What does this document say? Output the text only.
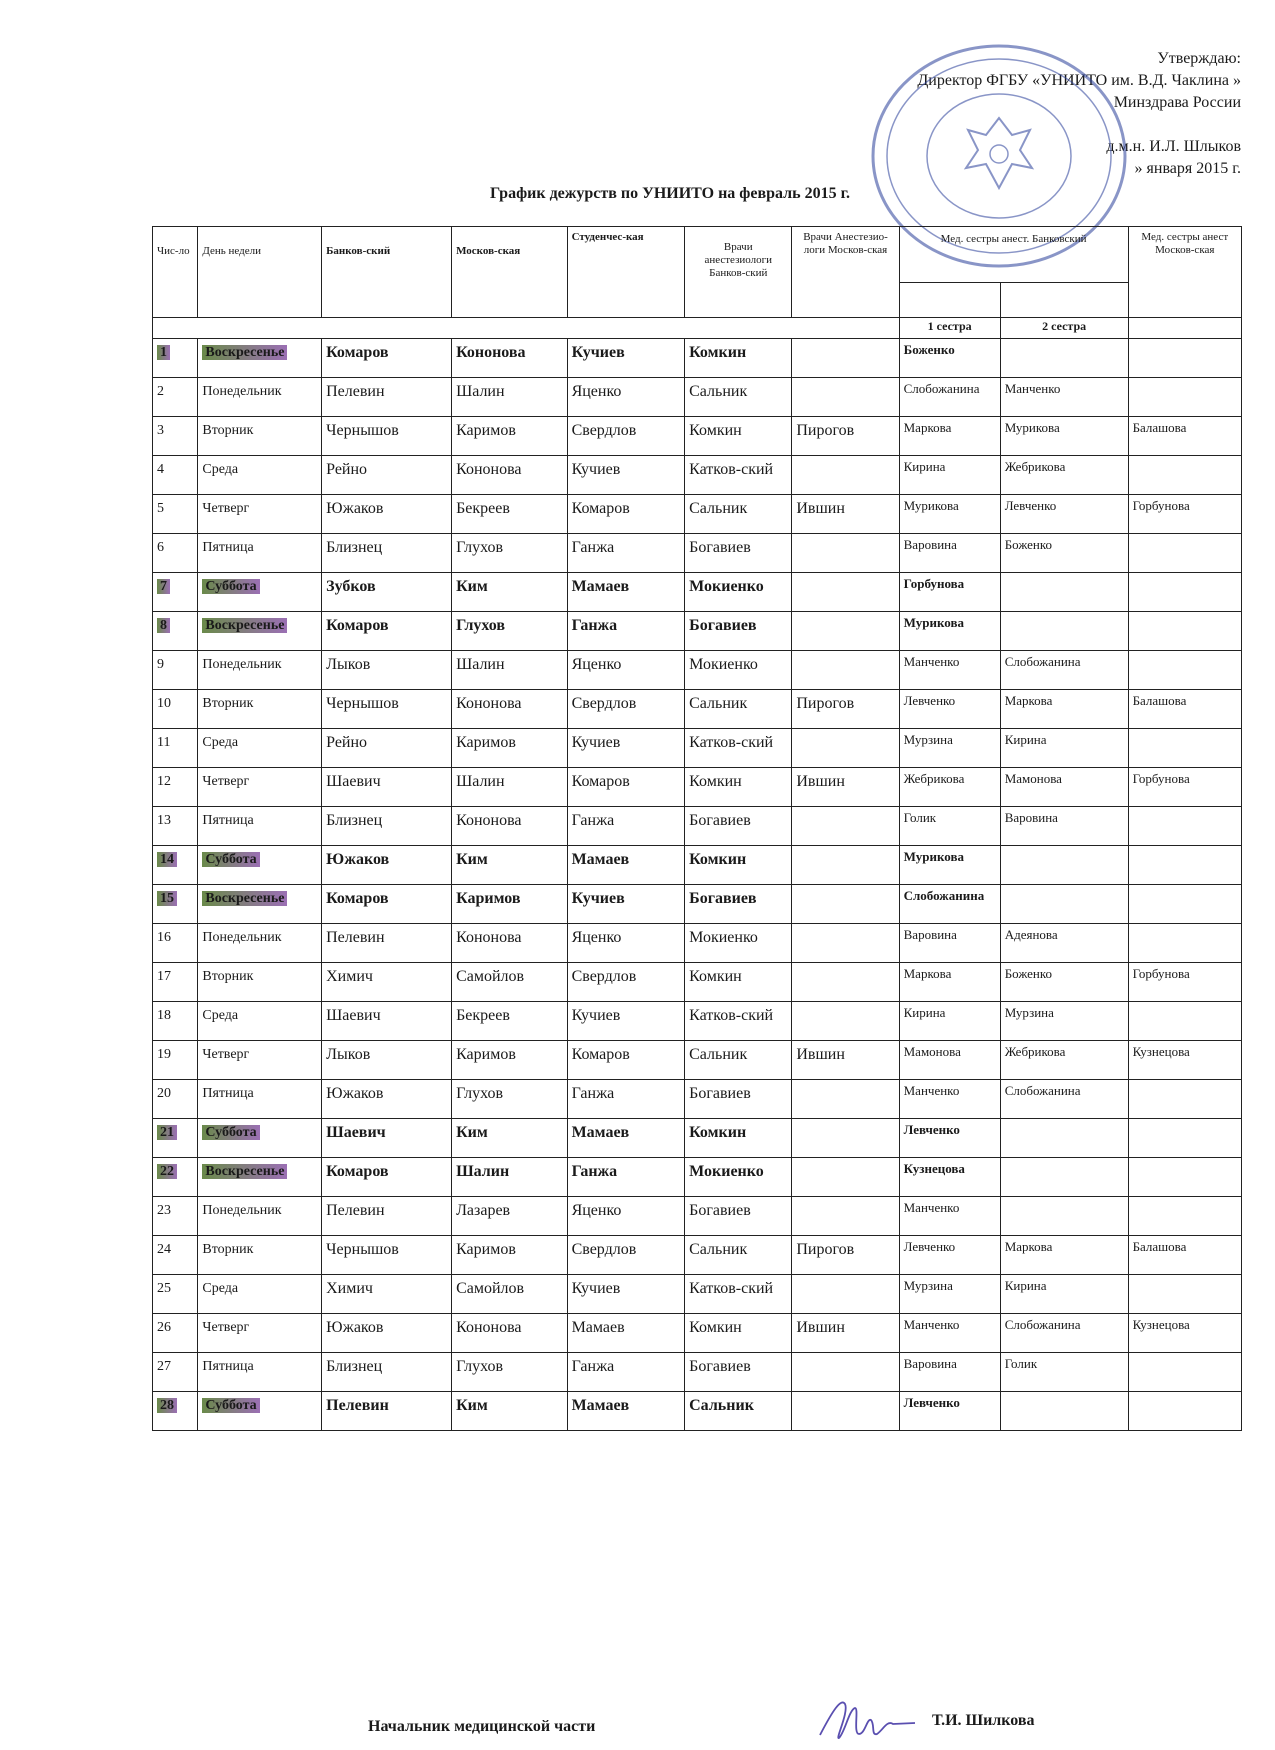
Утверждаю:
Директор ФГБУ «УНИИТО им. В.Д. Чаклина »
Минздрава России
д.м.н. И.Л. Шлыков
» января 2015 г.
График дежурств по УНИИТО на февраль 2015 г.
Чис-ло	День недели	Банков-ский	Москов-ская	Студенчес-кая	Врачи анестезиологи Банков-ский	Врачи Анестезио-логи Москов-ская	Мед. сестры анест. Банковский		Мед. сестры анест Москов-ская

							1 сестра	2 сестра	
1	Воскресенье	Комаров	Кононова	Кучиев	Комкин		Боженко		
2	Понедельник	Пелевин	Шалин	Яценко	Сальник		Слобожанина	Манченко	
3	Вторник	Чернышов	Каримов	Свердлов	Комкин	Пирогов	Маркова	Мурикова	Балашова
4	Среда	Рейно	Кононова	Кучиев	Катков-ский		Кирина	Жебрикова	
5	Четверг	Южаков	Бекреев	Комаров	Сальник	Ившин	Мурикова	Левченко	Горбунова
6	Пятница	Близнец	Глухов	Ганжа	Богавиев		Варовина	Боженко	
7	Суббота	Зубков	Ким	Мамаев	Мокиенко		Горбунова		
8	Воскресенье	Комаров	Глухов	Ганжа	Богавиев		Мурикова		
9	Понедельник	Лыков	Шалин	Яценко	Мокиенко		Манченко	Слобожанина	
10	Вторник	Чернышов	Кононова	Свердлов	Сальник	Пирогов	Левченко	Маркова	Балашова
11	Среда	Рейно	Каримов	Кучиев	Катков-ский		Мурзина	Кирина	
12	Четверг	Шаевич	Шалин	Комаров	Комкин	Ившин	Жебрикова	Мамонова	Горбунова
13	Пятница	Близнец	Кононова	Ганжа	Богавиев		Голик	Варовина	
14	Суббота	Южаков	Ким	Мамаев	Комкин		Мурикова		
15	Воскресенье	Комаров	Каримов	Кучиев	Богавиев		Слобожанина		
16	Понедельник	Пелевин	Кононова	Яценко	Мокиенко		Варовина	Адеянова	
17	Вторник	Химич	Самойлов	Свердлов	Комкин		Маркова	Боженко	Горбунова
18	Среда	Шаевич	Бекреев	Кучиев	Катков-ский		Кирина	Мурзина	
19	Четверг	Лыков	Каримов	Комаров	Сальник	Ившин	Мамонова	Жебрикова	Кузнецова
20	Пятница	Южаков	Глухов	Ганжа	Богавиев		Манченко	Слобожанина	
21	Суббота	Шаевич	Ким	Мамаев	Комкин		Левченко		
22	Воскресенье	Комаров	Шалин	Ганжа	Мокиенко		Кузнецова		
23	Понедельник	Пелевин	Лазарев	Яценко	Богавиев		Манченко		
24	Вторник	Чернышов	Каримов	Свердлов	Сальник	Пирогов	Левченко	Маркова	Балашова
25	Среда	Химич	Самойлов	Кучиев	Катков-ский		Мурзина	Кирина	
26	Четверг	Южаков	Кононова	Мамаев	Комкин	Ившин	Манченко	Слобожанина	Кузнецова
27	Пятница	Близнец	Глухов	Ганжа	Богавиев		Варовина	Голик	
28	Суббота	Пелевин	Ким	Мамаев	Сальник		Левченко		
Начальник медицинской части	Т.И. Шилкова
